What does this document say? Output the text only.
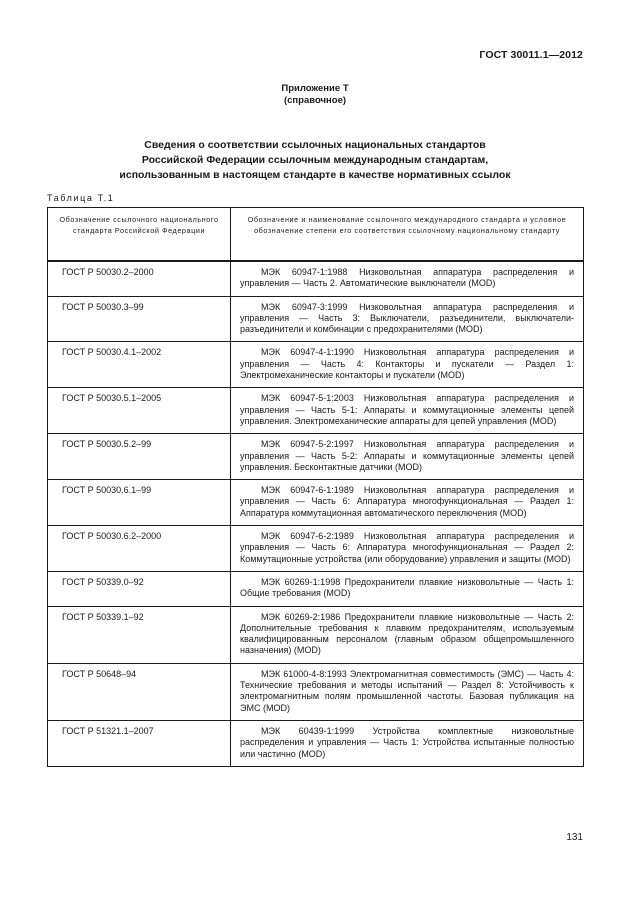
ГОСТ 30011.1—2012
Приложение Т
(справочное)
Сведения о соответствии ссылочных национальных стандартов
Российской Федерации ссылочным международным стандартам,
использованным в настоящем стандарте в качестве нормативных ссылок
Таблица Т.1
Обозначение ссылочного национального стандарта Российской Федерации	Обозначение и наименование ссылочного международного стандарта и условное обозначение степени его соответствия ссылочному национальному стандарту
ГОСТ Р 50030.2–2000	МЭК 60947-1:1988 Низковольтная аппаратура распределения и управления — Часть 2. Автоматические выключатели (MOD)

ГОСТ Р 50030.3–99	МЭК 60947-3:1999 Низковольтная аппаратура распределения и управления — Часть 3: Выключатели, разъединители, выключатели-разъединители и комбинации с предохранителями (MOD)

ГОСТ Р 50030.4.1–2002	МЭК 60947-4-1:1990 Низковольтная аппаратура распределения и управления — Часть 4: Контакторы и пускатели — Раздел 1: Электромеханические контакторы и пускатели (MOD)

ГОСТ Р 50030.5.1–2005	МЭК 60947-5-1:2003 Низковольтная аппаратура распределения и управления — Часть 5-1: Аппараты и коммутационные элементы цепей управления. Электромеханические аппараты для цепей управления (MOD)

ГОСТ Р 50030.5.2–99	МЭК 60947-5-2:1997 Низковольтная аппаратура распределения и управления — Часть 5-2: Аппараты и коммутационные элементы цепей управления. Бесконтактные датчики (MOD)

ГОСТ Р 50030.6.1–99	МЭК 60947-6-1:1989 Низковольтная аппаратура распределения и управления — Часть 6: Аппаратура многофункциональная — Раздел 1: Аппаратура коммутационная автоматического переключения (MOD)

ГОСТ Р 50030.6.2–2000	МЭК 60947-6-2:1989 Низковольтная аппаратура распределения и управления — Часть 6: Аппаратура многофункциональная — Раздел 2: Коммутационные устройства (или оборудование) управления и защиты (MOD)

ГОСТ Р 50339.0–92	МЭК 60269-1:1998 Предохранители плавкие низковольтные — Часть 1: Общие требования (MOD)

ГОСТ Р 50339.1–92	МЭК 60269-2:1986 Предохранители плавкие низковольтные — Часть 2: Дополнительные требования к плавким предохранителям, используемым квалифицированным персоналом (главным образом общепромышленного назначения) (MOD)

ГОСТ Р 50648–94	МЭК 61000-4-8:1993 Электромагнитная совместимость (ЭМС) — Часть 4: Технические требования и методы испытаний — Раздел 8: Устойчивость к электромагнитным полям промышленной частоты. Базовая публикация на ЭМС (MOD)

ГОСТ Р 51321.1–2007	МЭК 60439-1:1999 Устройства комплектные низковольтные распределения и управления — Часть 1: Устройства испытанные полностью или частично (MOD)
131
